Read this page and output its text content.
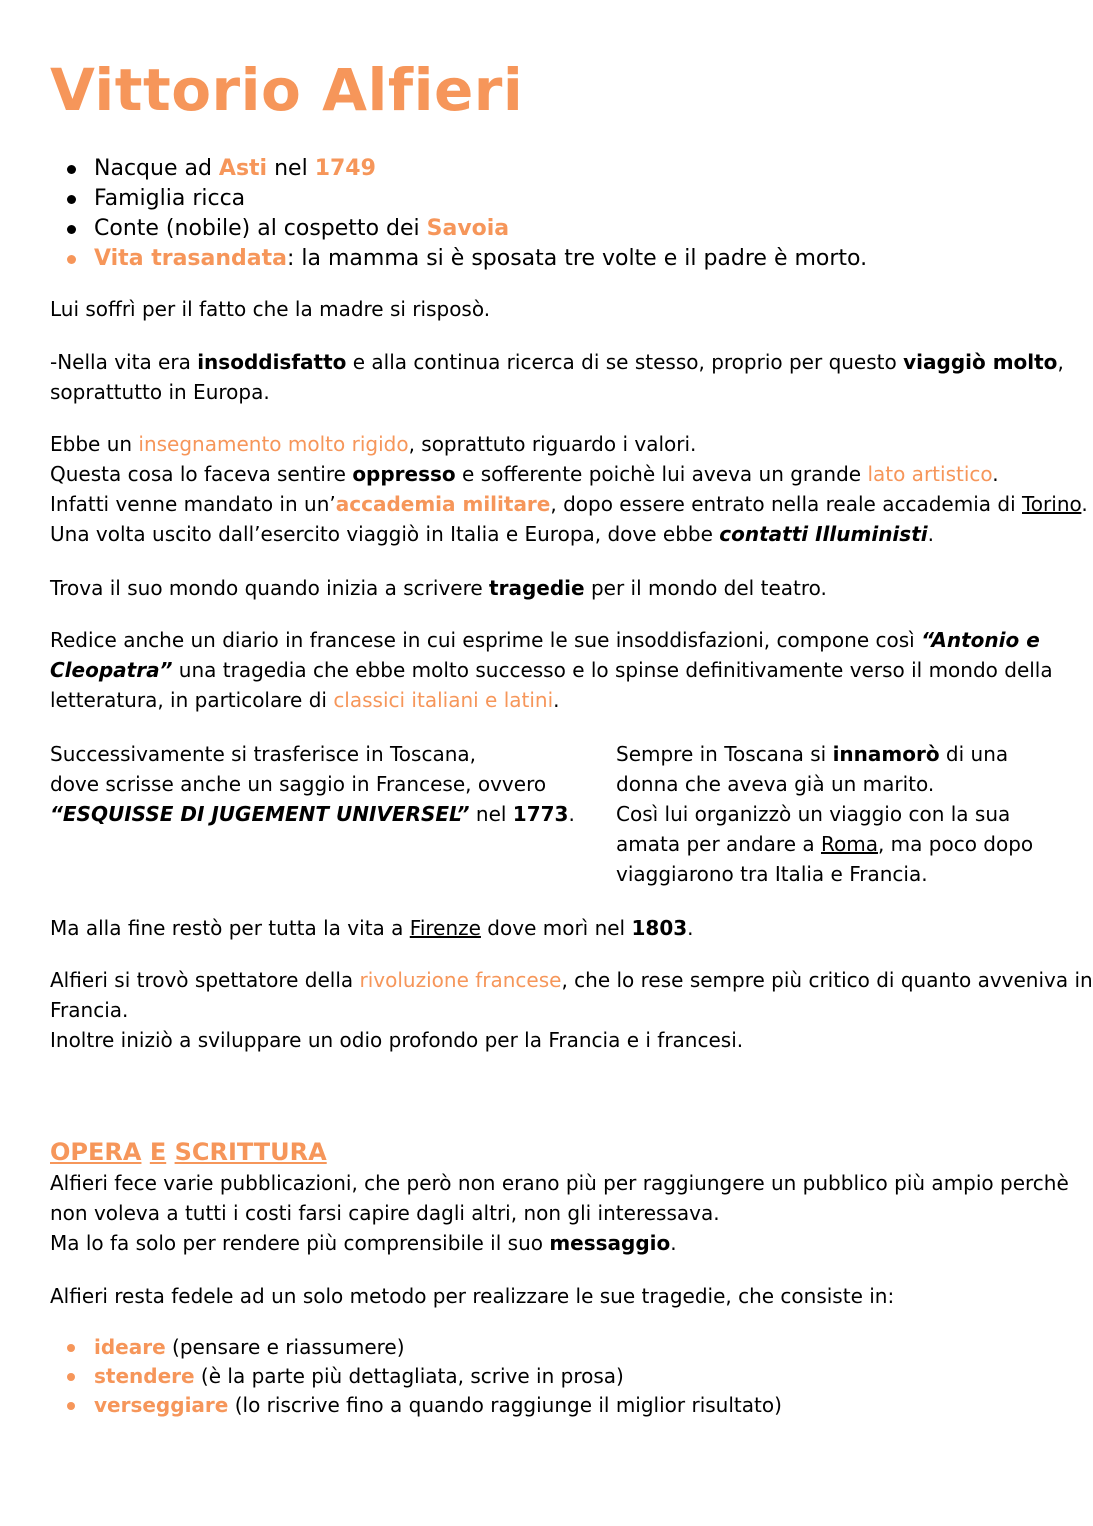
Vittorio Alfieri
Nacque ad Asti nel 1749
Famiglia ricca
Conte (nobile) al cospetto dei Savoia
Vita trasandata: la mamma si è sposata tre volte e il padre è morto.

Lui soffrì per il fatto che la madre si risposò.

-Nella vita era insoddisfatto e alla continua ricerca di se stesso, proprio per questo viaggiò molto,
soprattutto in Europa.
Ebbe un insegnamento molto rigido, soprattuto riguardo i valori.
Questa cosa lo faceva sentire oppresso e sofferente poichè lui aveva un grande lato artistico.
Infatti venne mandato in un’accademia militare, dopo essere entrato nella reale accademia di Torino.
Una volta uscito dall’esercito viaggiò in Italia e Europa, dove ebbe contatti Illuministi.

Trova il suo mondo quando inizia a scrivere tragedie per il mondo del teatro.

Redice anche un diario in francese in cui esprime le sue insoddisfazioni, compone così “Antonio e
Cleopatra” una tragedia che ebbe molto successo e lo spinse definitivamente verso il mondo della
letteratura, in particolare di classici italiani e latini.
Successivamente si trasferisce in Toscana,
dove scrisse anche un saggio in Francese, ovvero
“ESQUISSE DI JUGEMENT UNIVERSEL” nel 1773.
Sempre in Toscana si innamorò di una
donna che aveva già un marito.
Così lui organizzò un viaggio con la sua
amata per andare a Roma, ma poco dopo
viaggiarono tra Italia e Francia.

Ma alla fine restò per tutta la vita a Firenze dove morì nel 1803.

Alfieri si trovò spettatore della rivoluzione francese, che lo rese sempre più critico di quanto avveniva in
Francia.
Inoltre iniziò a sviluppare un odio profondo per la Francia e i francesi.
OPERA E SCRITTURA
Alfieri fece varie pubblicazioni, che però non erano più per raggiungere un pubblico più ampio perchè
non voleva a tutti i costi farsi capire dagli altri, non gli interessava.
Ma lo fa solo per rendere più comprensibile il suo messaggio.

Alfieri resta fedele ad un solo metodo per realizzare le sue tragedie, che consiste in:

ideare (pensare e riassumere)
stendere (è la parte più dettagliata, scrive in prosa)
verseggiare (lo riscrive fino a quando raggiunge il miglior risultato)
